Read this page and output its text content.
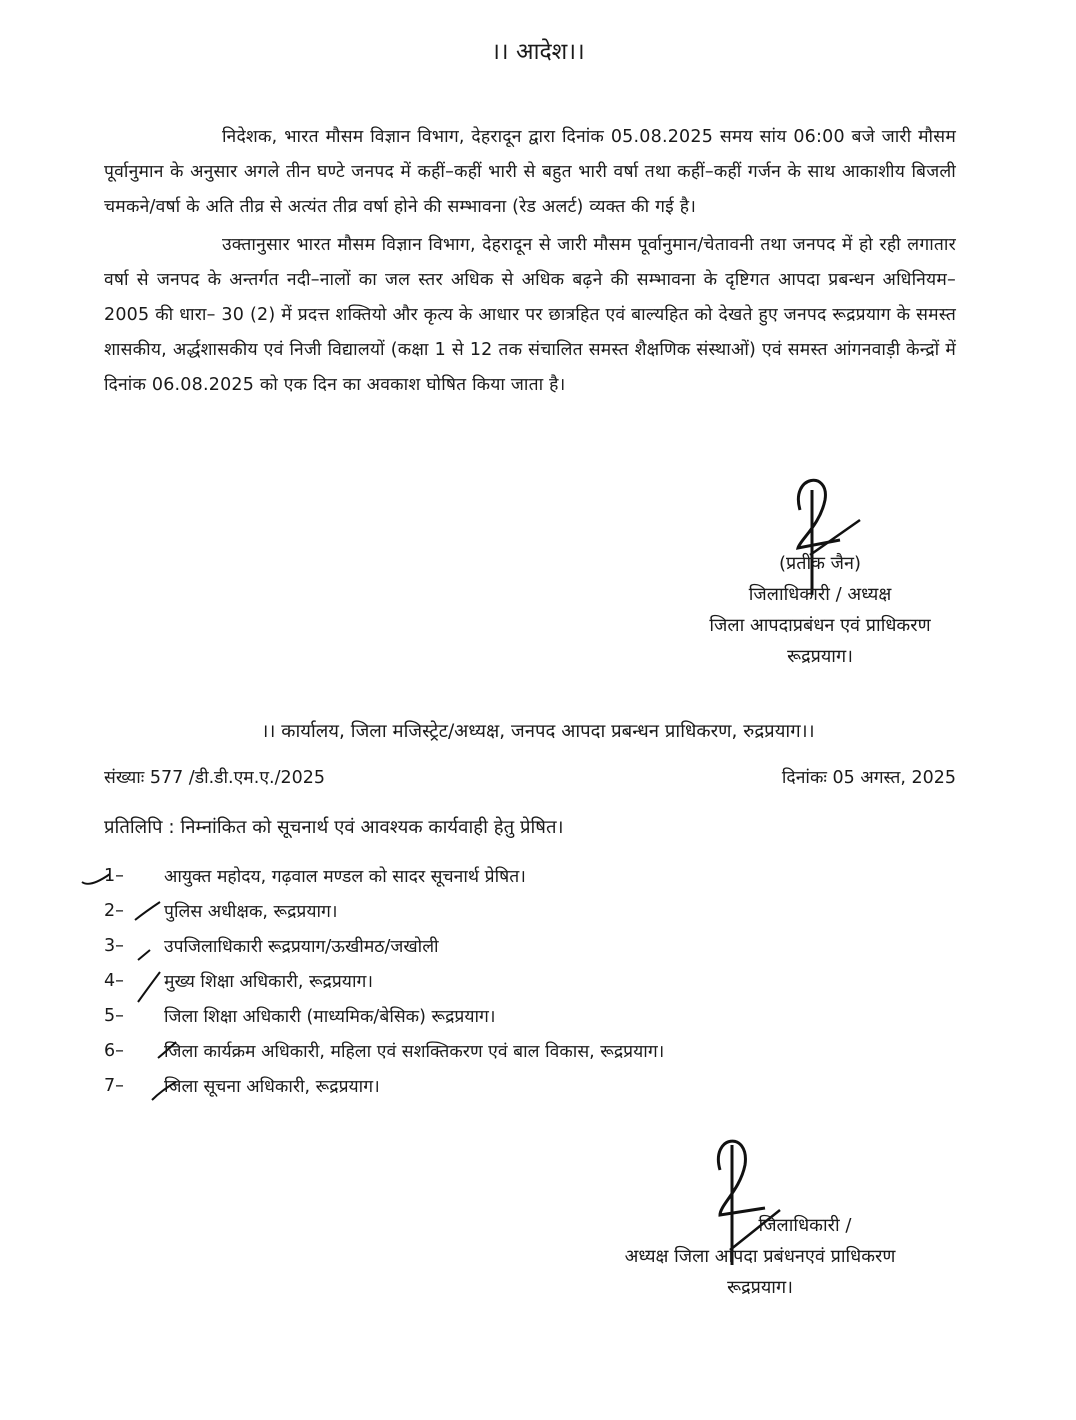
।। आदेश।।
निदेशक, भारत मौसम विज्ञान विभाग, देहरादून द्वारा दिनांक 05.08.2025 समय सांय 06:00 बजे जारी मौसम पूर्वानुमान के अनुसार अगले तीन घण्टे जनपद में कहीं–कहीं भारी से बहुत भारी वर्षा तथा कहीं–कहीं गर्जन के साथ आकाशीय बिजली चमकने/वर्षा के अति तीव्र से अत्यंत तीव्र वर्षा होने की सम्भावना (रेड अलर्ट) व्यक्त की गई है।
उक्तानुसार भारत मौसम विज्ञान विभाग, देहरादून से जारी मौसम पूर्वानुमान/चेतावनी तथा जनपद में हो रही लगातार वर्षा से जनपद के अन्तर्गत नदी–नालों का जल स्तर अधिक से अधिक बढ़ने की सम्भावना के दृष्टिगत आपदा प्रबन्धन अधिनियम– 2005 की धारा– 30 (2) में प्रदत्त शक्तियो और कृत्य के आधार पर छात्रहित एवं बाल्यहित को देखते हुए जनपद रूद्रप्रयाग के समस्त शासकीय, अर्द्धशासकीय एवं निजी विद्यालयों (कक्षा 1 से 12 तक संचालित समस्त शैक्षणिक संस्थाओं) एवं समस्त आंगनवाड़ी केन्द्रों में दिनांक 06.08.2025 को एक दिन का अवकाश घोषित किया जाता है।
(प्रतीक जैन)
जिलाधिकारी / अध्यक्ष
जिला आपदाप्रबंधन एवं प्राधिकरण
रूद्रप्रयाग।
।। कार्यालय, जिला मजिस्ट्रेट/अध्यक्ष, जनपद आपदा प्रबन्धन प्राधिकरण, रुद्रप्रयाग।।
संख्याः 577 /डी.डी.एम.ए./2025	दिनांकः 05 अगस्त, 2025
प्रतिलिपि : निम्नांकित को सूचनार्थ एवं आवश्यक कार्यवाही हेतु प्रेषित।
1–	आयुक्त महोदय, गढ़वाल मण्डल को सादर सूचनार्थ प्रेषित।
2–	पुलिस अधीक्षक, रूद्रप्रयाग।
3–	उपजिलाधिकारी रूद्रप्रयाग/ऊखीमठ/जखोली
4–	मुख्य शिक्षा अधिकारी, रूद्रप्रयाग।
5–	जिला शिक्षा अधिकारी (माध्यमिक/बेसिक) रूद्रप्रयाग।
6–	जिला कार्यक्रम अधिकारी, महिला एवं सशक्तिकरण एवं बाल विकास, रूद्रप्रयाग।
7–	जिला सूचना अधिकारी, रूद्रप्रयाग।
जिलाधिकारी /
अध्यक्ष जिला आपदा प्रबंधनएवं प्राधिकरण
रूद्रप्रयाग।
